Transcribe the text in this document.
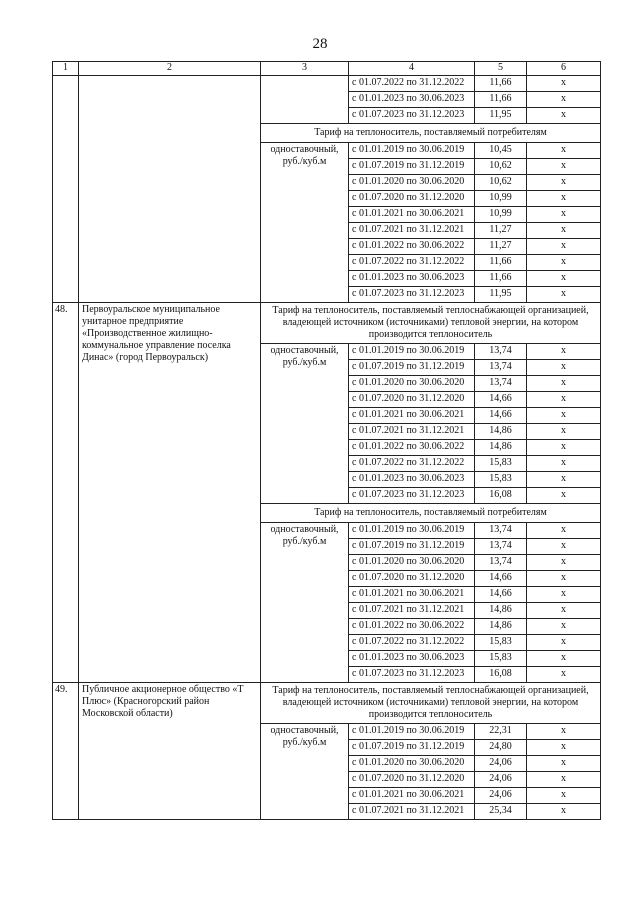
28
1	2	3	4	5	6
			с 01.07.2022 по 31.12.2022	11,66	х
			с 01.01.2023 по 30.06.2023	11,66	х
			с 01.07.2023 по 31.12.2023	11,95	х
		Тариф на теплоноситель, поставляемый потребителям			
		одноставочный, руб./куб.м	с 01.01.2019 по 30.06.2019	10,45	х
			с 01.07.2019 по 31.12.2019	10,62	х
			с 01.01.2020 по 30.06.2020	10,62	х
			с 01.07.2020 по 31.12.2020	10,99	х
			с 01.01.2021 по 30.06.2021	10,99	х
			с 01.07.2021 по 31.12.2021	11,27	х
			с 01.01.2022 по 30.06.2022	11,27	х
			с 01.07.2022 по 31.12.2022	11,66	х
			с 01.01.2023 по 30.06.2023	11,66	х
			с 01.07.2023 по 31.12.2023	11,95	х
48.	Первоуральское муниципальное унитарное предприятие «Производственное жилищно-коммунальное управление поселка Динас» (город Первоуральск)	Тариф на теплоноситель, поставляемый теплоснабжающей организацией, владеющей источником (источниками) тепловой энергии, на котором производится теплоноситель			
		одноставочный, руб./куб.м	с 01.01.2019 по 30.06.2019	13,74	х
			с 01.07.2019 по 31.12.2019	13,74	х
			с 01.01.2020 по 30.06.2020	13,74	х
			с 01.07.2020 по 31.12.2020	14,66	х
			с 01.01.2021 по 30.06.2021	14,66	х
			с 01.07.2021 по 31.12.2021	14,86	х
			с 01.01.2022 по 30.06.2022	14,86	х
			с 01.07.2022 по 31.12.2022	15,83	х
			с 01.01.2023 по 30.06.2023	15,83	х
			с 01.07.2023 по 31.12.2023	16,08	х
		Тариф на теплоноситель, поставляемый потребителям			
		одноставочный, руб./куб.м	с 01.01.2019 по 30.06.2019	13,74	х
			с 01.07.2019 по 31.12.2019	13,74	х
			с 01.01.2020 по 30.06.2020	13,74	х
			с 01.07.2020 по 31.12.2020	14,66	х
			с 01.01.2021 по 30.06.2021	14,66	х
			с 01.07.2021 по 31.12.2021	14,86	х
			с 01.01.2022 по 30.06.2022	14,86	х
			с 01.07.2022 по 31.12.2022	15,83	х
			с 01.01.2023 по 30.06.2023	15,83	х
			с 01.07.2023 по 31.12.2023	16,08	х
49.	Публичное акционерное общество «Т Плюс» (Красногорский район Московской области)	Тариф на теплоноситель, поставляемый теплоснабжающей организацией, владеющей источником (источниками) тепловой энергии, на котором производится теплоноситель			
		одноставочный, руб./куб.м	с 01.01.2019 по 30.06.2019	22,31	х
			с 01.07.2019 по 31.12.2019	24,80	х
			с 01.01.2020 по 30.06.2020	24,06	х
			с 01.07.2020 по 31.12.2020	24,06	х
			с 01.01.2021 по 30.06.2021	24,06	х
			с 01.07.2021 по 31.12.2021	25,34	х
